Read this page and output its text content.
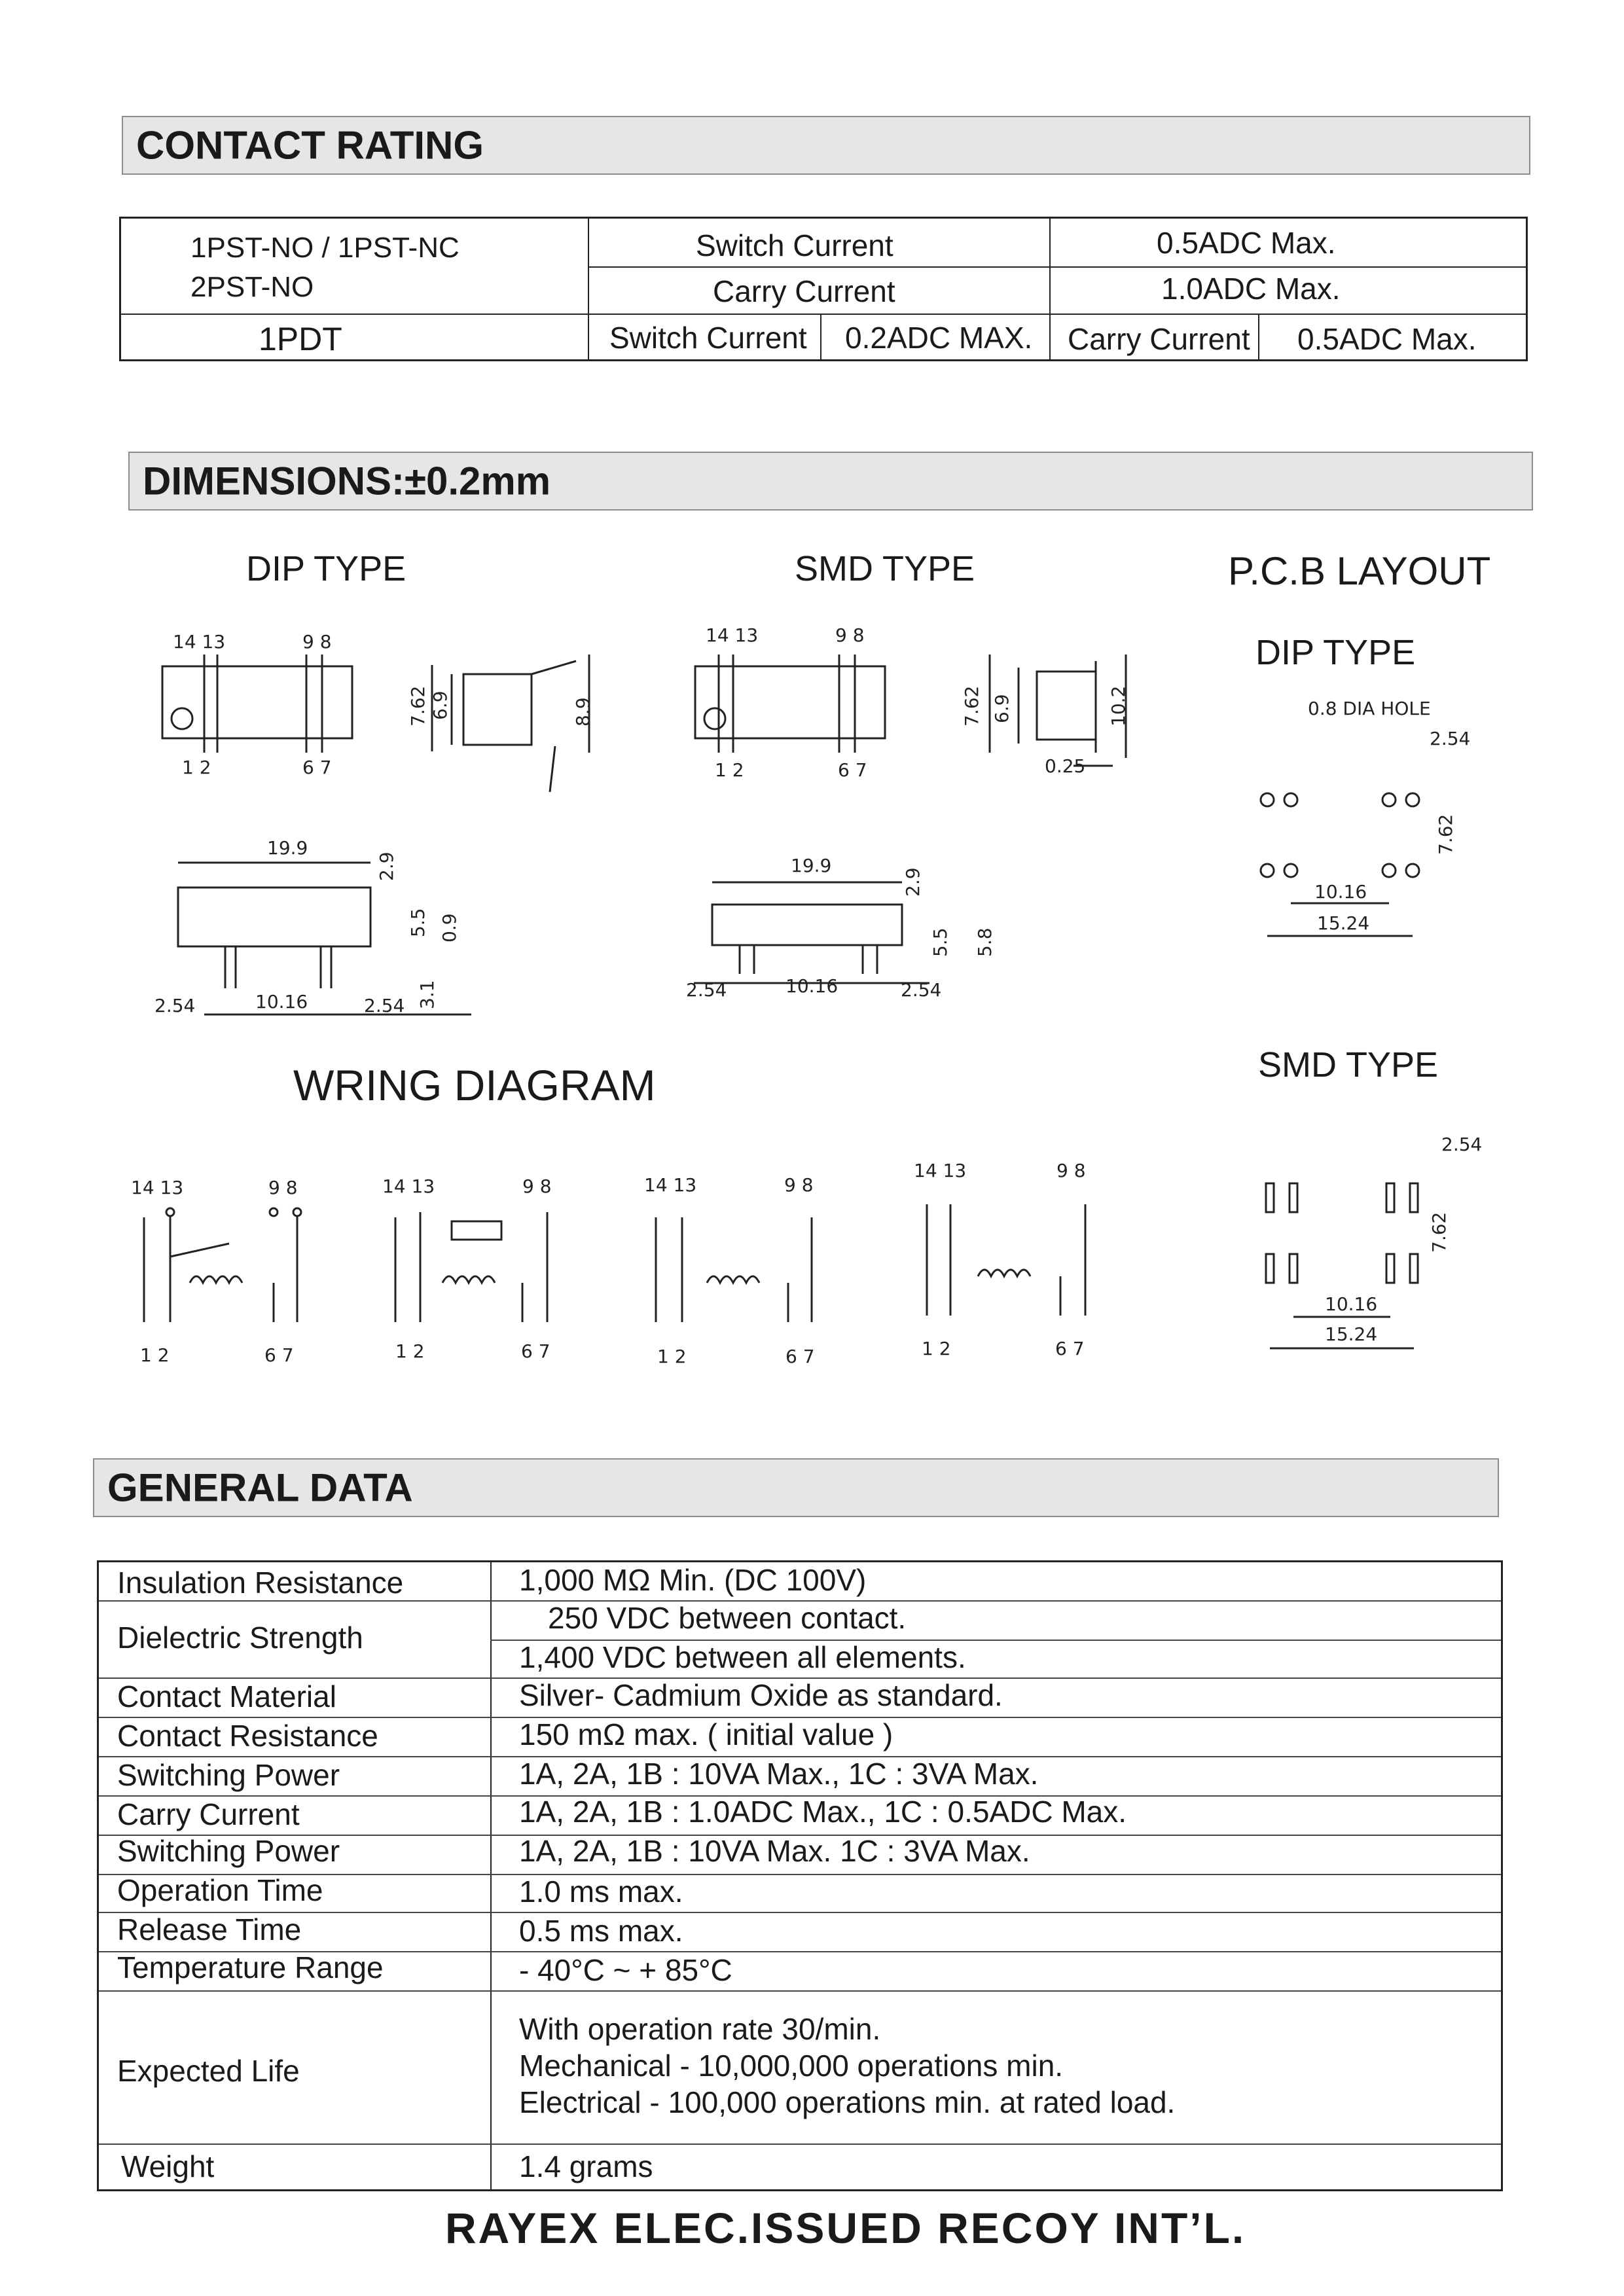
CONTACT RATING
1PST-NO / 1PST-NC
2PST-NO
Switch Current	0.5ADC Max.
Carry Current	1.0ADC Max.
1PDT	Switch Current 0.2ADC MAX. Carry Current 0.5ADC Max.
DIMENSIONS:±0.2mm
DIP TYPE	SMD TYPE	P.C.B LAYOUT
DIP TYPE
SMD TYPE
WRING DIAGRAM
14 13	9 8
1 2	6 7
7.62 6.9	8.9
14 13	9 8
1 2	6 7
7.62 6.9	10.2
0.25
19.9
2.54	10.16	2.54
2.9
5.5 0.9
3.1
19.9
2.54	10.16	2.54
2.9
5.5 5.8
0.8 DIA HOLE
2.54
10.16
15.24
7.62
2.54
10.16
15.24
7.62
14 13	9 8
1 2	6 7
14 13	9 8
1 2	6 7
14 13	9 8
1 2	6 7
14 13	9 8
1 2	6 7
GENERAL DATA
Insulation Resistance	1,000 MΩ Min. (DC 100V)
Dielectric Strength
250 VDC between contact.
1,400 VDC between all elements.
Contact Material	Silver- Cadmium Oxide as standard.
Contact Resistance	150 mΩ max. ( initial value )
Switching Power	1A, 2A, 1B : 10VA Max., 1C : 3VA Max.
Carry Current	1A, 2A, 1B : 1.0ADC Max., 1C : 0.5ADC Max.
Switching Power	1A, 2A, 1B : 10VA Max. 1C : 3VA Max.
Operation Time	1.0 ms max.
Release Time	0.5 ms max.
Temperature Range	- 40°C ~ + 85°C
Expected Life
With operation rate 30/min.
Mechanical - 10,000,000 operations min.
Electrical - 100,000 operations min. at rated load.
Weight	1.4 grams
RAYEX ELEC.ISSUED RECOY INT’L.
